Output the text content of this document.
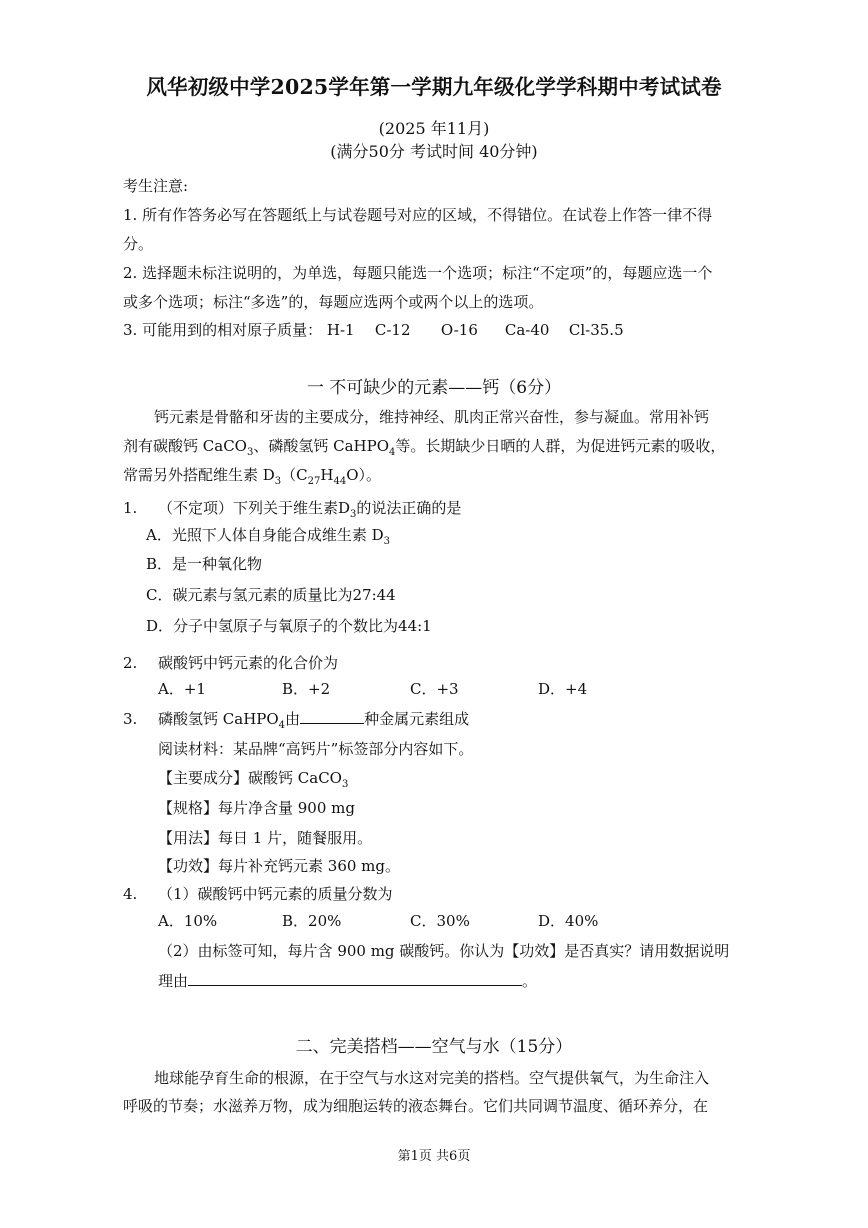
风华初级中学2025学年第一学期九年级化学学科期中考试试卷
(2025 年11月)
(满分50分 考试时间 40分钟)
考生注意:
1. 所有作答务必写在答题纸上与试卷题号对应的区域，不得错位。在试卷上作答一律不得
分。
2. 选择题未标注说明的，为单选，每题只能选一个选项；标注“不定项”的，每题应选一个
或多个选项；标注“多选”的，每题应选两个或两个以上的选项。
3. 可能用到的相对原子质量： H-1 C-12 O-16 Ca-40 Cl-35.5
一 不可缺少的元素——钙（6分）
钙元素是骨骼和牙齿的主要成分，维持神经、肌肉正常兴奋性，参与凝血。常用补钙
剂有碳酸钙 CaCO$_3$、磷酸氢钙 CaHPO$_4$等。长期缺少日晒的人群，为促进钙元素的吸收，
常需另外搭配维生素 $D_3(C_{27}H_{44}O)$。
1. （不定项）下列关于维生素$D_3$的说法正确的是
A．光照下人体自身能合成维生素 $D_3$
B．是一种氧化物
C．碳元素与氢元素的质量比为27:44
D．分子中氢原子与氧原子的个数比为44:1
2. 碳酸钙中钙元素的化合价为
A．+1	B．+2	C．+3	D．+4
3. 磷酸氢钙 CaHPO$_4$由	种金属元素组成
阅读材料：某品牌“高钙片”标签部分内容如下。
【主要成分】碳酸钙 CaCO$_3$
【规格】每片净含量 900 mg
【用法】每日 1 片，随餐服用。
【功效】每片补充钙元素 360 mg。
4. （1）碳酸钙中钙元素的质量分数为
A．10%	B．20%	C．30%	D．40%
（2）由标签可知，每片含 900 mg 碳酸钙。你认为【功效】是否真实？请用数据说明
理由	。
二、完美搭档——空气与水（15分）
地球能孕育生命的根源，在于空气与水这对完美的搭档。空气提供氧气，为生命注入
呼吸的节奏；水滋养万物，成为细胞运转的液态舞台。它们共同调节温度、循环养分，在
第1页 共6页
